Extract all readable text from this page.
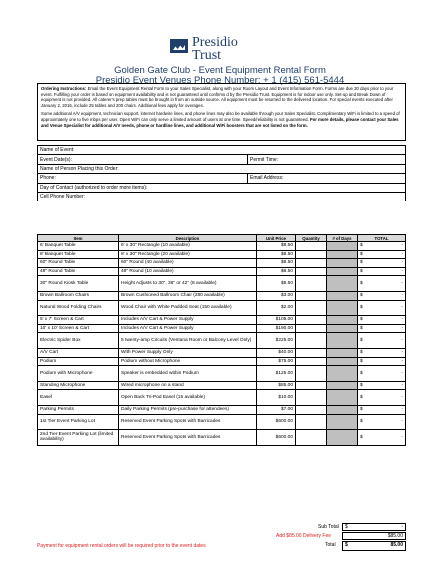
Presidio
Trust
Golden Gate Club - Event Equipment Rental Form
Presidio Event Venues Phone Number: + 1 (415) 561-5444

Ordering Instructions: Email the Event Equipment Rental Form to your Sales Specialist, along with your Room Layout and Event Information Form. Forms are due 30 days prior to your event. Fulfilling your order is based on equipment availability and is not guaranteed until confirms d by the Presidio Trust. Equipment is for indoor use only. Set-up and Break Down of equipment is not provided. All caterer's prep tables must be brought in from an outside source. All equipment must be returned to the delivered location. For special events executed after January 2, 2016, include 25 tables and 200 chairs. Additional fees apply for overages.

Some additional A/V equipment, technician support, internet hardwire lines, and phone lines may also be available through your Sales Specialist. Complimentary WiFi is limited to a speed of approximately one to five mbps per user. Open WiFi can only serve a limited amount of users at one time. Speed/reliability is not guaranteed. For more details, please contact your Sales and Venue Specialist for additional A/V needs, phone or hardline lines, and additional WiFi boosters that are not listed on the form.

Name of Event:	
Event Date(s):	Permit Time:
Name of Person Placing this Order:	
Phone:	Email Address:
Day of Contact (authorized to order more items):	
Cell Phone Number:	
Item	Description	Unit Price	Quantity	# of Days	TOTAL
6' Banquet Table	6' x 30" Rectangle (10 available)	$8.50			$ -

8' Banquet Table	8' x 30" Rectangle (20 available)	$8.50			$ -

60" Round Table	60" Round (40 available)	$8.50			$ -

48" Round Table	48" Round (10 available)	$8.50			$ -

30" Round Kiosk Table	Height Adjusts to 30", 36" or 42" (8 available)	$8.50			$ -

Brown Ballroom Chairs	Brown Cushioned Ballroom Chair (280 available)	$3.00			$ -

Natural Wood Folding Chairs	Wood Chair with White Padded Seat (150 available)	$2.00			$ -

5' x 7' Screen & Cart	Includes A/V Cart & Power Supply	$105.00			$ -

10' x 10' Screen & Cart	Includes A/V Cart & Power Supply	$190.00			$ -

Electric Spider Box	5 twenty-amp Circuits (Ventana Room or Balcony Level Only)	$225.00			$ -

A/V Cart	With Power Supply Only	$40.00			$ -

Podium	Podium without Microphone	$75.00			$ -

Podium with Microphone	Speaker is embedded within Podium	$125.00			$ -

Standing Microphone	Wired microphone on a stand	$85.00			$ -

Easel	Open Back Tri-Pod Easel (15 available)	$10.00			$ -

Parking Permits	Daily Parking Permits (pre-purchase for attendees)	$7.00			$ -

1st Tier Event Parking Lot	Reserved Event Parking Spots with Barricades	$600.00			$ -

2nd Tier Event Parking Lot (limited availability)	Reserved Event Parking Spots with Barricades	$600.00			$ -
Sub Total $	-
Add $85.00 Delivery Fee	$85.00
Payment for equipment rental orders will be required prior to the event dates	Total $	85.00
